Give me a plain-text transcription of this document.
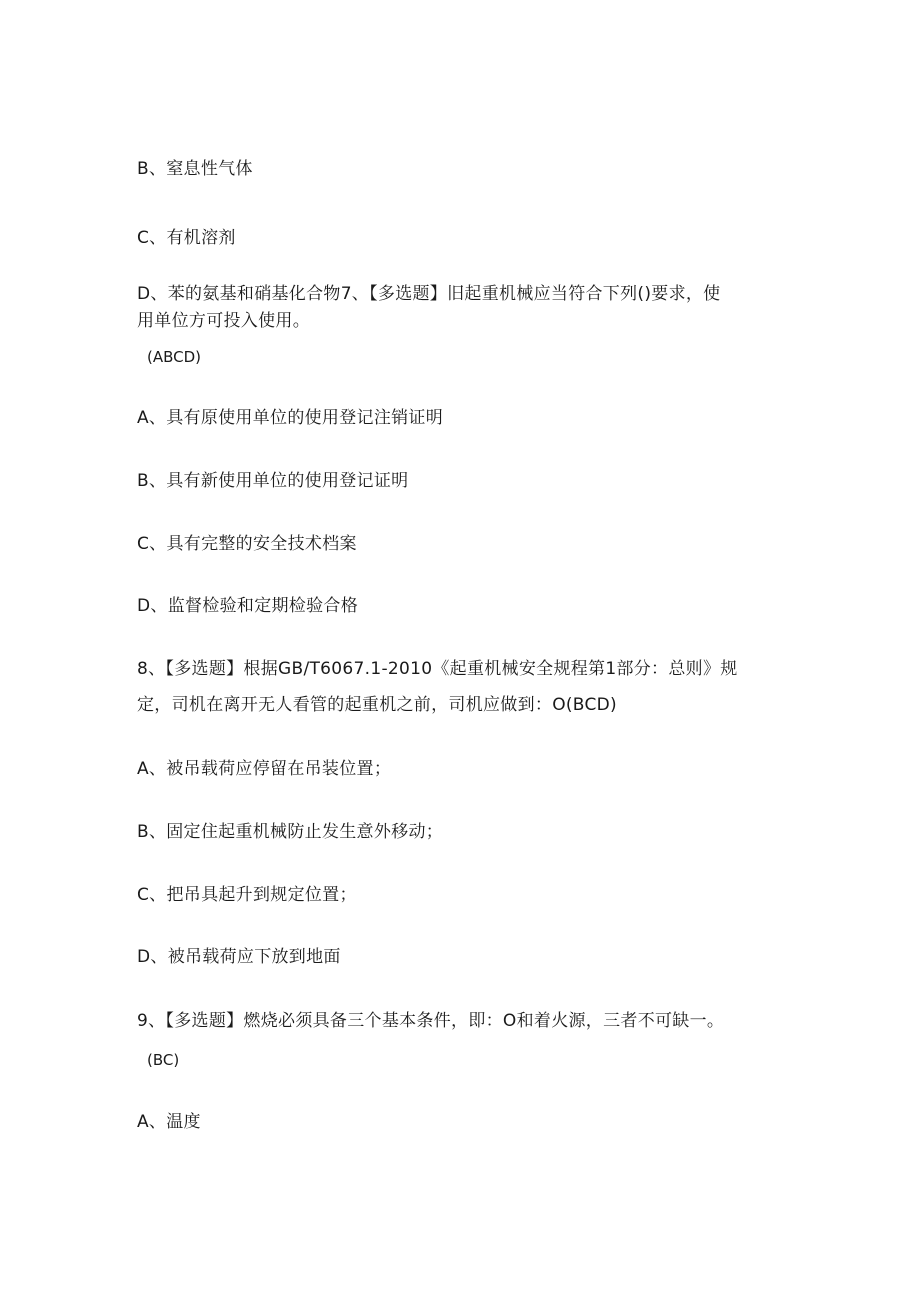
B、窒息性气体
C、有机溶剂
D、苯的氨基和硝基化合物7、【多选题】旧起重机械应当符合下列()要求，使
用单位方可投入使用。
(ABCD)
A、具有原使用单位的使用登记注销证明
B、具有新使用单位的使用登记证明
C、具有完整的安全技术档案
D、监督检验和定期检验合格
8、【多选题】根据GB/T6067.1-2010《起重机械安全规程第1部分：总则》规
定，司机在离开无人看管的起重机之前，司机应做到：O(BCD)
A、被吊载荷应停留在吊装位置；
B、固定住起重机械防止发生意外移动；
C、把吊具起升到规定位置；
D、被吊载荷应下放到地面
9、【多选题】燃烧必须具备三个基本条件，即：O和着火源，三者不可缺一。
(BC)
A、温度
